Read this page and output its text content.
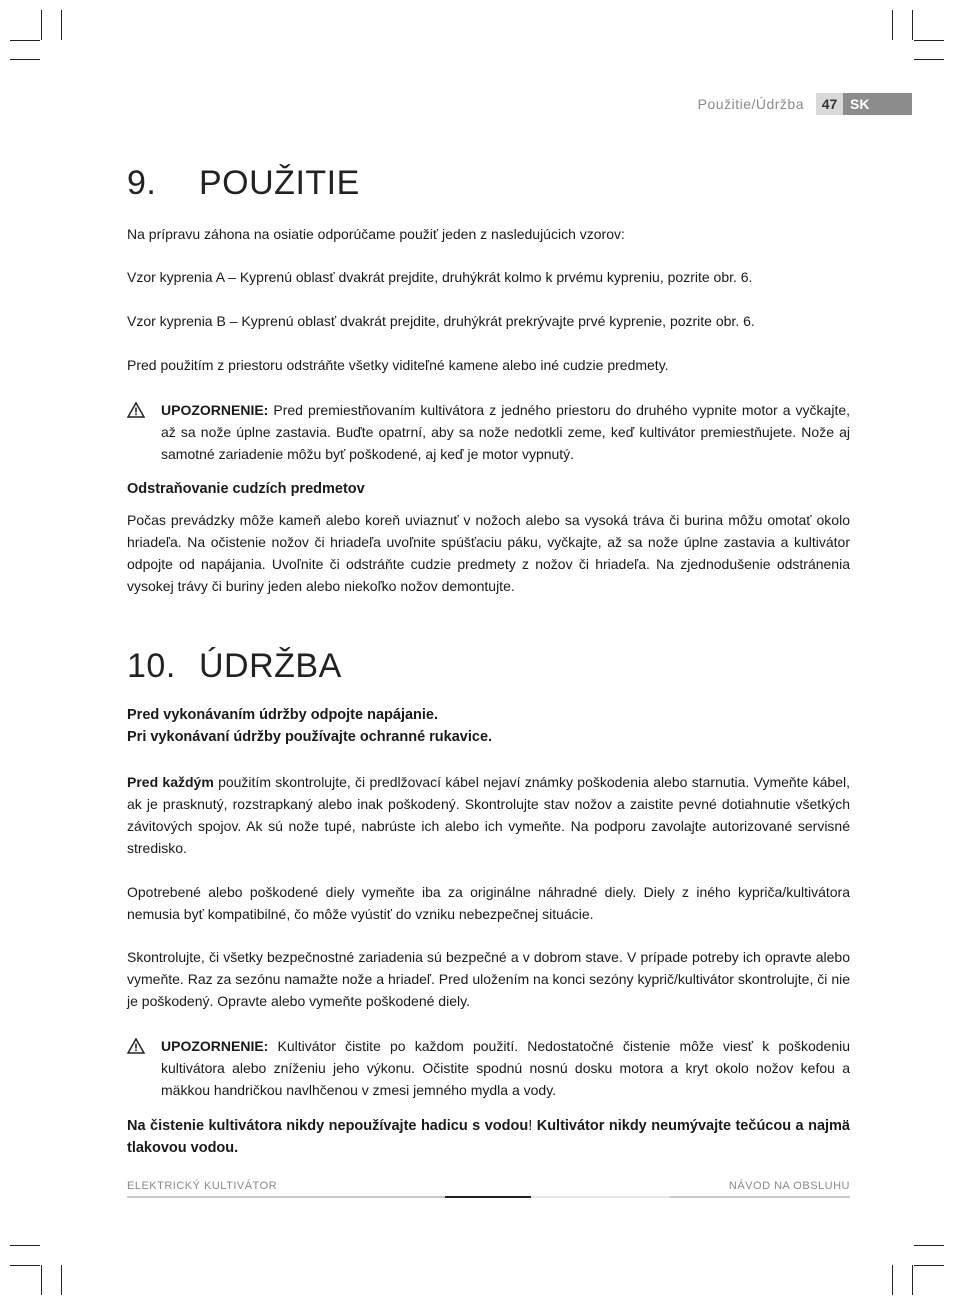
Použitie/Údržba	47 SK
9. POUŽITIE

Na prípravu záhona na osiatie odporúčame použiť jeden z nasledujúcich vzorov:

Vzor kyprenia A – Kyprenú oblasť dvakrát prejdite, druhýkrát kolmo k prvému kypreniu, pozrite obr. 6.

Vzor kyprenia B – Kyprenú oblasť dvakrát prejdite, druhýkrát prekrývajte prvé kyprenie, pozrite obr. 6.

Pred použitím z priestoru odstráňte všetky viditeľné kamene alebo iné cudzie predmety.

UPOZORNENIE: Pred premiestňovaním kultivátora z jedného priestoru do druhého vypnite motor a vyčkajte, až sa nože úplne zastavia. Buďte opatrní, aby sa nože nedotkli zeme, keď kultivátor premiestňujete. Nože aj samotné zariadenie môžu byť poškodené, aj keď je motor vypnutý.
Odstraňovanie cudzích predmetov

Počas prevádzky môže kameň alebo koreň uviaznuť v nožoch alebo sa vysoká tráva či burina môžu omotať okolo hriadeľa. Na očistenie nožov či hriadeľa uvoľnite spúšťaciu páku, vyčkajte, až sa nože úplne zastavia a kultivátor odpojte od napájania. Uvoľnite či odstráňte cudzie predmety z nožov či hriadeľa. Na zjednodušenie odstránenia vysokej trávy či buriny jeden alebo niekoľko nožov demontujte.

10. ÚDRŽBA
Pred vykonávaním údržby odpojte napájanie.
Pri vykonávaní údržby používajte ochranné rukavice.

Pred každým použitím skontrolujte, či predlžovací kábel nejaví známky poškodenia alebo starnutia. Vymeňte kábel, ak je prasknutý, rozstrapkaný alebo inak poškodený. Skontrolujte stav nožov a zaistite pevné dotiahnutie všetkých závitových spojov. Ak sú nože tupé, nabrúste ich alebo ich vymeňte. Na podporu zavolajte autorizované servisné stredisko.

Opotrebené alebo poškodené diely vymeňte iba za originálne náhradné diely. Diely z iného kypriča/kultivátora nemusia byť kompatibilné, čo môže vyústiť do vzniku nebezpečnej situácie.

Skontrolujte, či všetky bezpečnostné zariadenia sú bezpečné a v dobrom stave. V prípade potreby ich opravte alebo vymeňte. Raz za sezónu namažte nože a hriadeľ. Pred uložením na konci sezóny kyprič/kultivátor skontrolujte, či nie je poškodený. Opravte alebo vymeňte poškodené diely.

UPOZORNENIE: Kultivátor čistite po každom použití. Nedostatočné čistenie môže viesť k poškodeniu kultivátora alebo zníženiu jeho výkonu. Očistite spodnú nosnú dosku motora a kryt okolo nožov kefou a mäkkou handričkou navlhčenou v zmesi jemného mydla a vody.

Na čistenie kultivátora nikdy nepoužívajte hadicu s vodou! Kultivátor nikdy neumývajte tečúcou a najmä tlakovou vodou.

ELEKTRICKÝ KULTIVÁTOR	NÁVOD NA OBSLUHU
